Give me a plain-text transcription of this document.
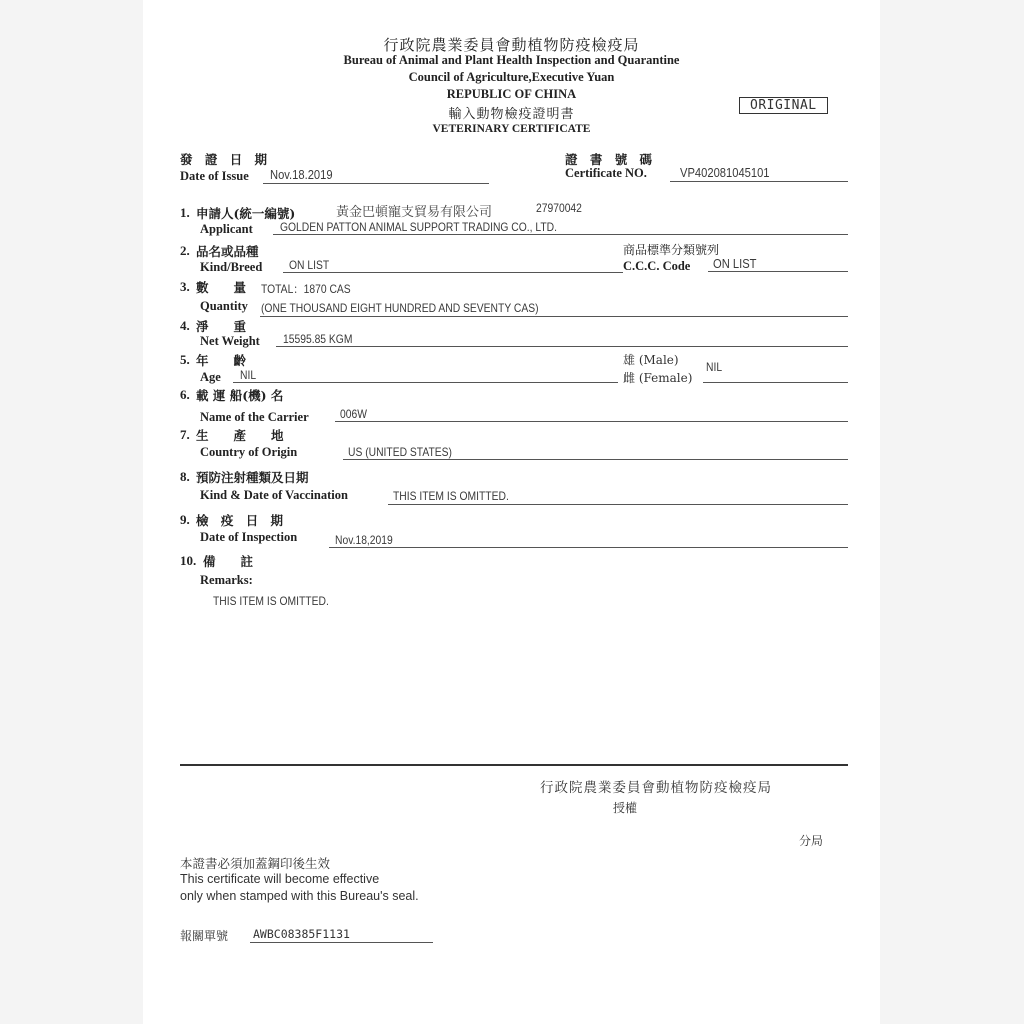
行政院農業委員會動植物防疫檢疫局
Bureau of Animal and Plant Health Inspection and Quarantine
Council of Agriculture,Executive Yuan
REPUBLIC OF CHINA
輸入動物檢疫證明書
VETERINARY CERTIFICATE
ORIGINAL
發 證 日 期
Date of Issue Nov.18.2019
證 書 號 碼
Certificate NO.	VP402081045101
1. 申請人(統一編號)	黃金巴頓寵支貿易有限公司	27970042
Applicant GOLDEN PATTON ANIMAL SUPPORT TRADING CO., LTD.
2. 品名或品種
Kind/Breed ON LIST
商品標準分類號列
C.C.C. Code ON LIST
3. 數　　量 TOTAL：1870 CAS
Quantity (ONE THOUSAND EIGHT HUNDRED AND SEVENTY CAS)
4. 淨　　重
Net Weight 15595.85 KGM
5. 年　　齡
Age NIL
雄 (Male)
雌 (Female)
NIL
6. 載 運 船(機) 名
Name of the Carrier	006W
7. 生　　產　　地
Country of Origin	US (UNITED STATES)
8. 預防注射種類及日期
Kind & Date of Vaccination	THIS ITEM IS OMITTED.
9. 檢 疫 日 期
Date of Inspection	Nov.18,2019
10. 備　　註
Remarks:
THIS ITEM IS OMITTED.
行政院農業委員會動植物防疫檢疫局
授權
分局
本證書必須加蓋鋼印後生效
This certificate will become effective
only when stamped with this Bureau's seal.
報關單號 AWBC08385F1131
